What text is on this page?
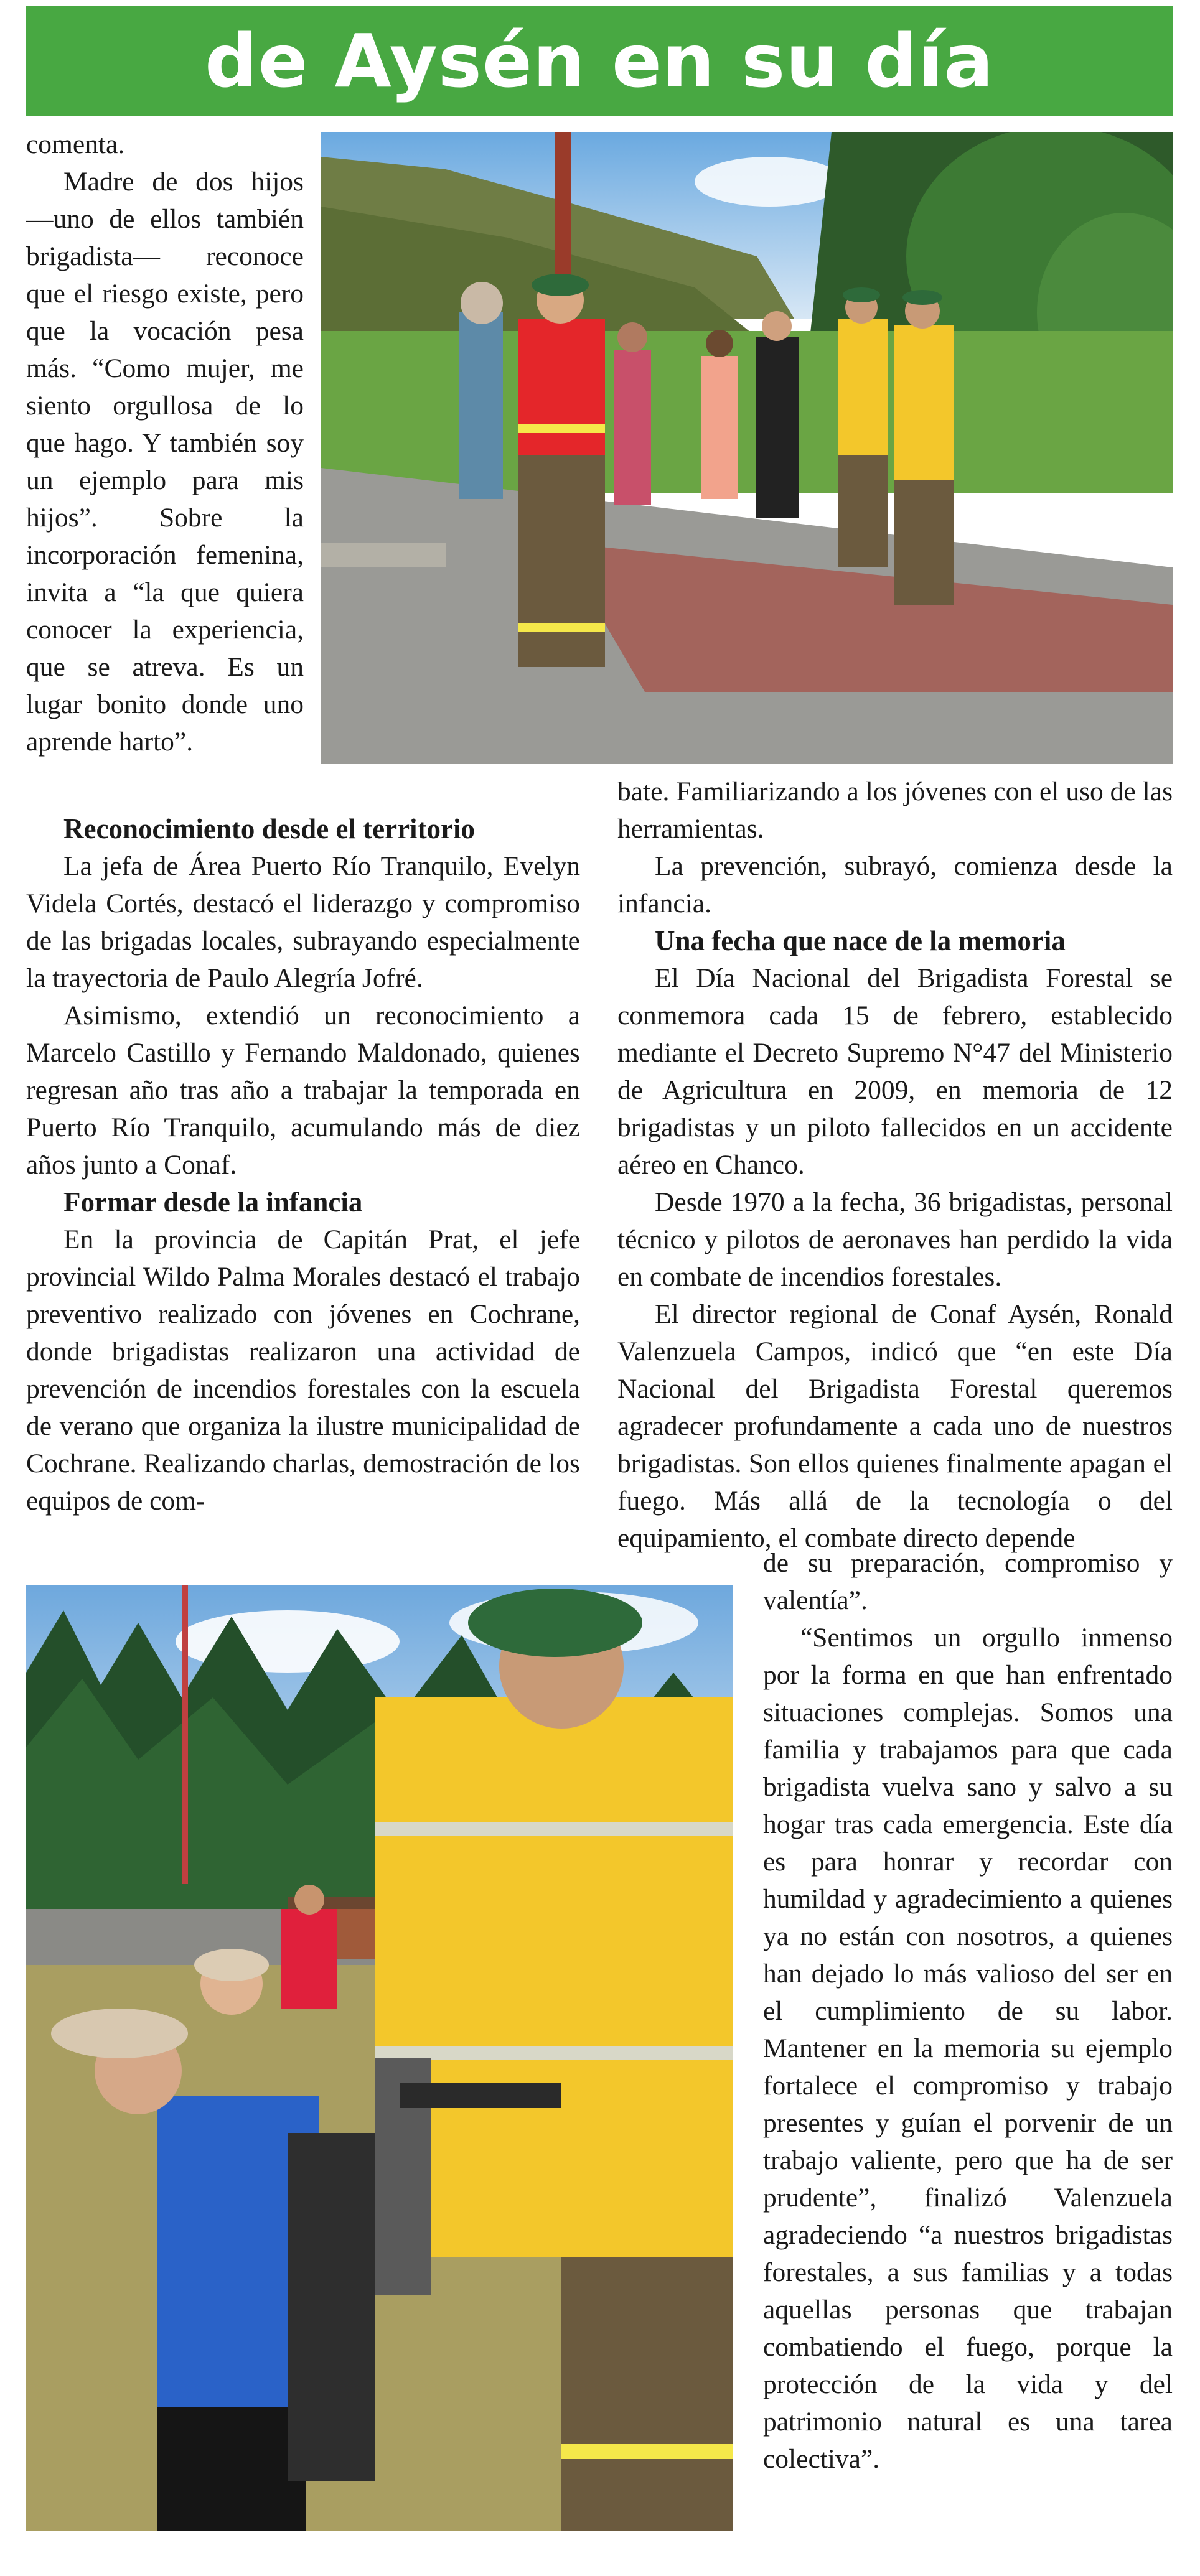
de Aysén en su día

comenta.

Madre de dos hijos —uno de ellos también brigadista— reconoce que el riesgo existe, pero que la vocación pesa más. “Como mujer, me siento orgullosa de lo que hago. Y también soy un ejemplo para mis hijos”. Sobre la incorporación femenina, invita a “la que quiera conocer la experiencia, que se atreva. Es un lugar bonito donde uno aprende harto”.

Reconocimiento desde el territorio

La jefa de Área Puerto Río Tranquilo, Evelyn Videla Cortés, destacó el liderazgo y compromiso de las brigadas locales, subrayando especialmente la trayectoria de Paulo Alegría Jofré.

Asimismo, extendió un reconocimiento a Marcelo Castillo y Fernando Maldonado, quienes regresan año tras año a trabajar la temporada en Puerto Río Tranquilo, acumulando más de diez años junto a Conaf.

Formar desde la infancia

En la provincia de Capitán Prat, el jefe provincial Wildo Palma Morales destacó el trabajo preventivo realizado con jóvenes en Cochrane, donde brigadistas realizaron una actividad de prevención de incendios forestales con la escuela de verano que organiza la ilustre municipalidad de Cochrane. Realizando charlas, demostración de los equipos de com-

bate. Familiarizando a los jóvenes con el uso de las herramientas.

La prevención, subrayó, comienza desde la infancia.

Una fecha que nace de la memoria

El Día Nacional del Brigadista Forestal se conmemora cada 15 de febrero, establecido mediante el Decreto Supremo N°47 del Ministerio de Agricultura en 2009, en memoria de 12 brigadistas y un piloto fallecidos en un accidente aéreo en Chanco.

Desde 1970 a la fecha, 36 brigadistas, personal técnico y pilotos de aeronaves han perdido la vida en combate de incendios forestales.

El director regional de Conaf Aysén, Ronald Valenzuela Campos, indicó que “en este Día Nacional del Brigadista Forestal queremos agradecer profundamente a cada uno de nuestros brigadistas. Son ellos quienes finalmente apagan el fuego. Más allá de la tecnología o del equipamiento, el combate directo depende

de su preparación, compromiso y valentía”.

“Sentimos un orgullo inmenso por la forma en que han enfrentado situaciones complejas. Somos una familia y trabajamos para que cada brigadista vuelva sano y salvo a su hogar tras cada emergencia. Este día es para honrar y recordar con humildad y agradecimiento a quienes ya no están con nosotros, a quienes han dejado lo más valioso del ser en el cumplimiento de su labor. Mantener en la memoria su ejemplo fortalece el compromiso y trabajo presentes y guían el porvenir de un trabajo valiente, pero que ha de ser prudente”, finalizó Valenzuela agradeciendo “a nuestros brigadistas forestales, a sus familias y a todas aquellas personas que trabajan combatiendo el fuego, porque la protección de la vida y del patrimonio natural es una tarea colectiva”.
